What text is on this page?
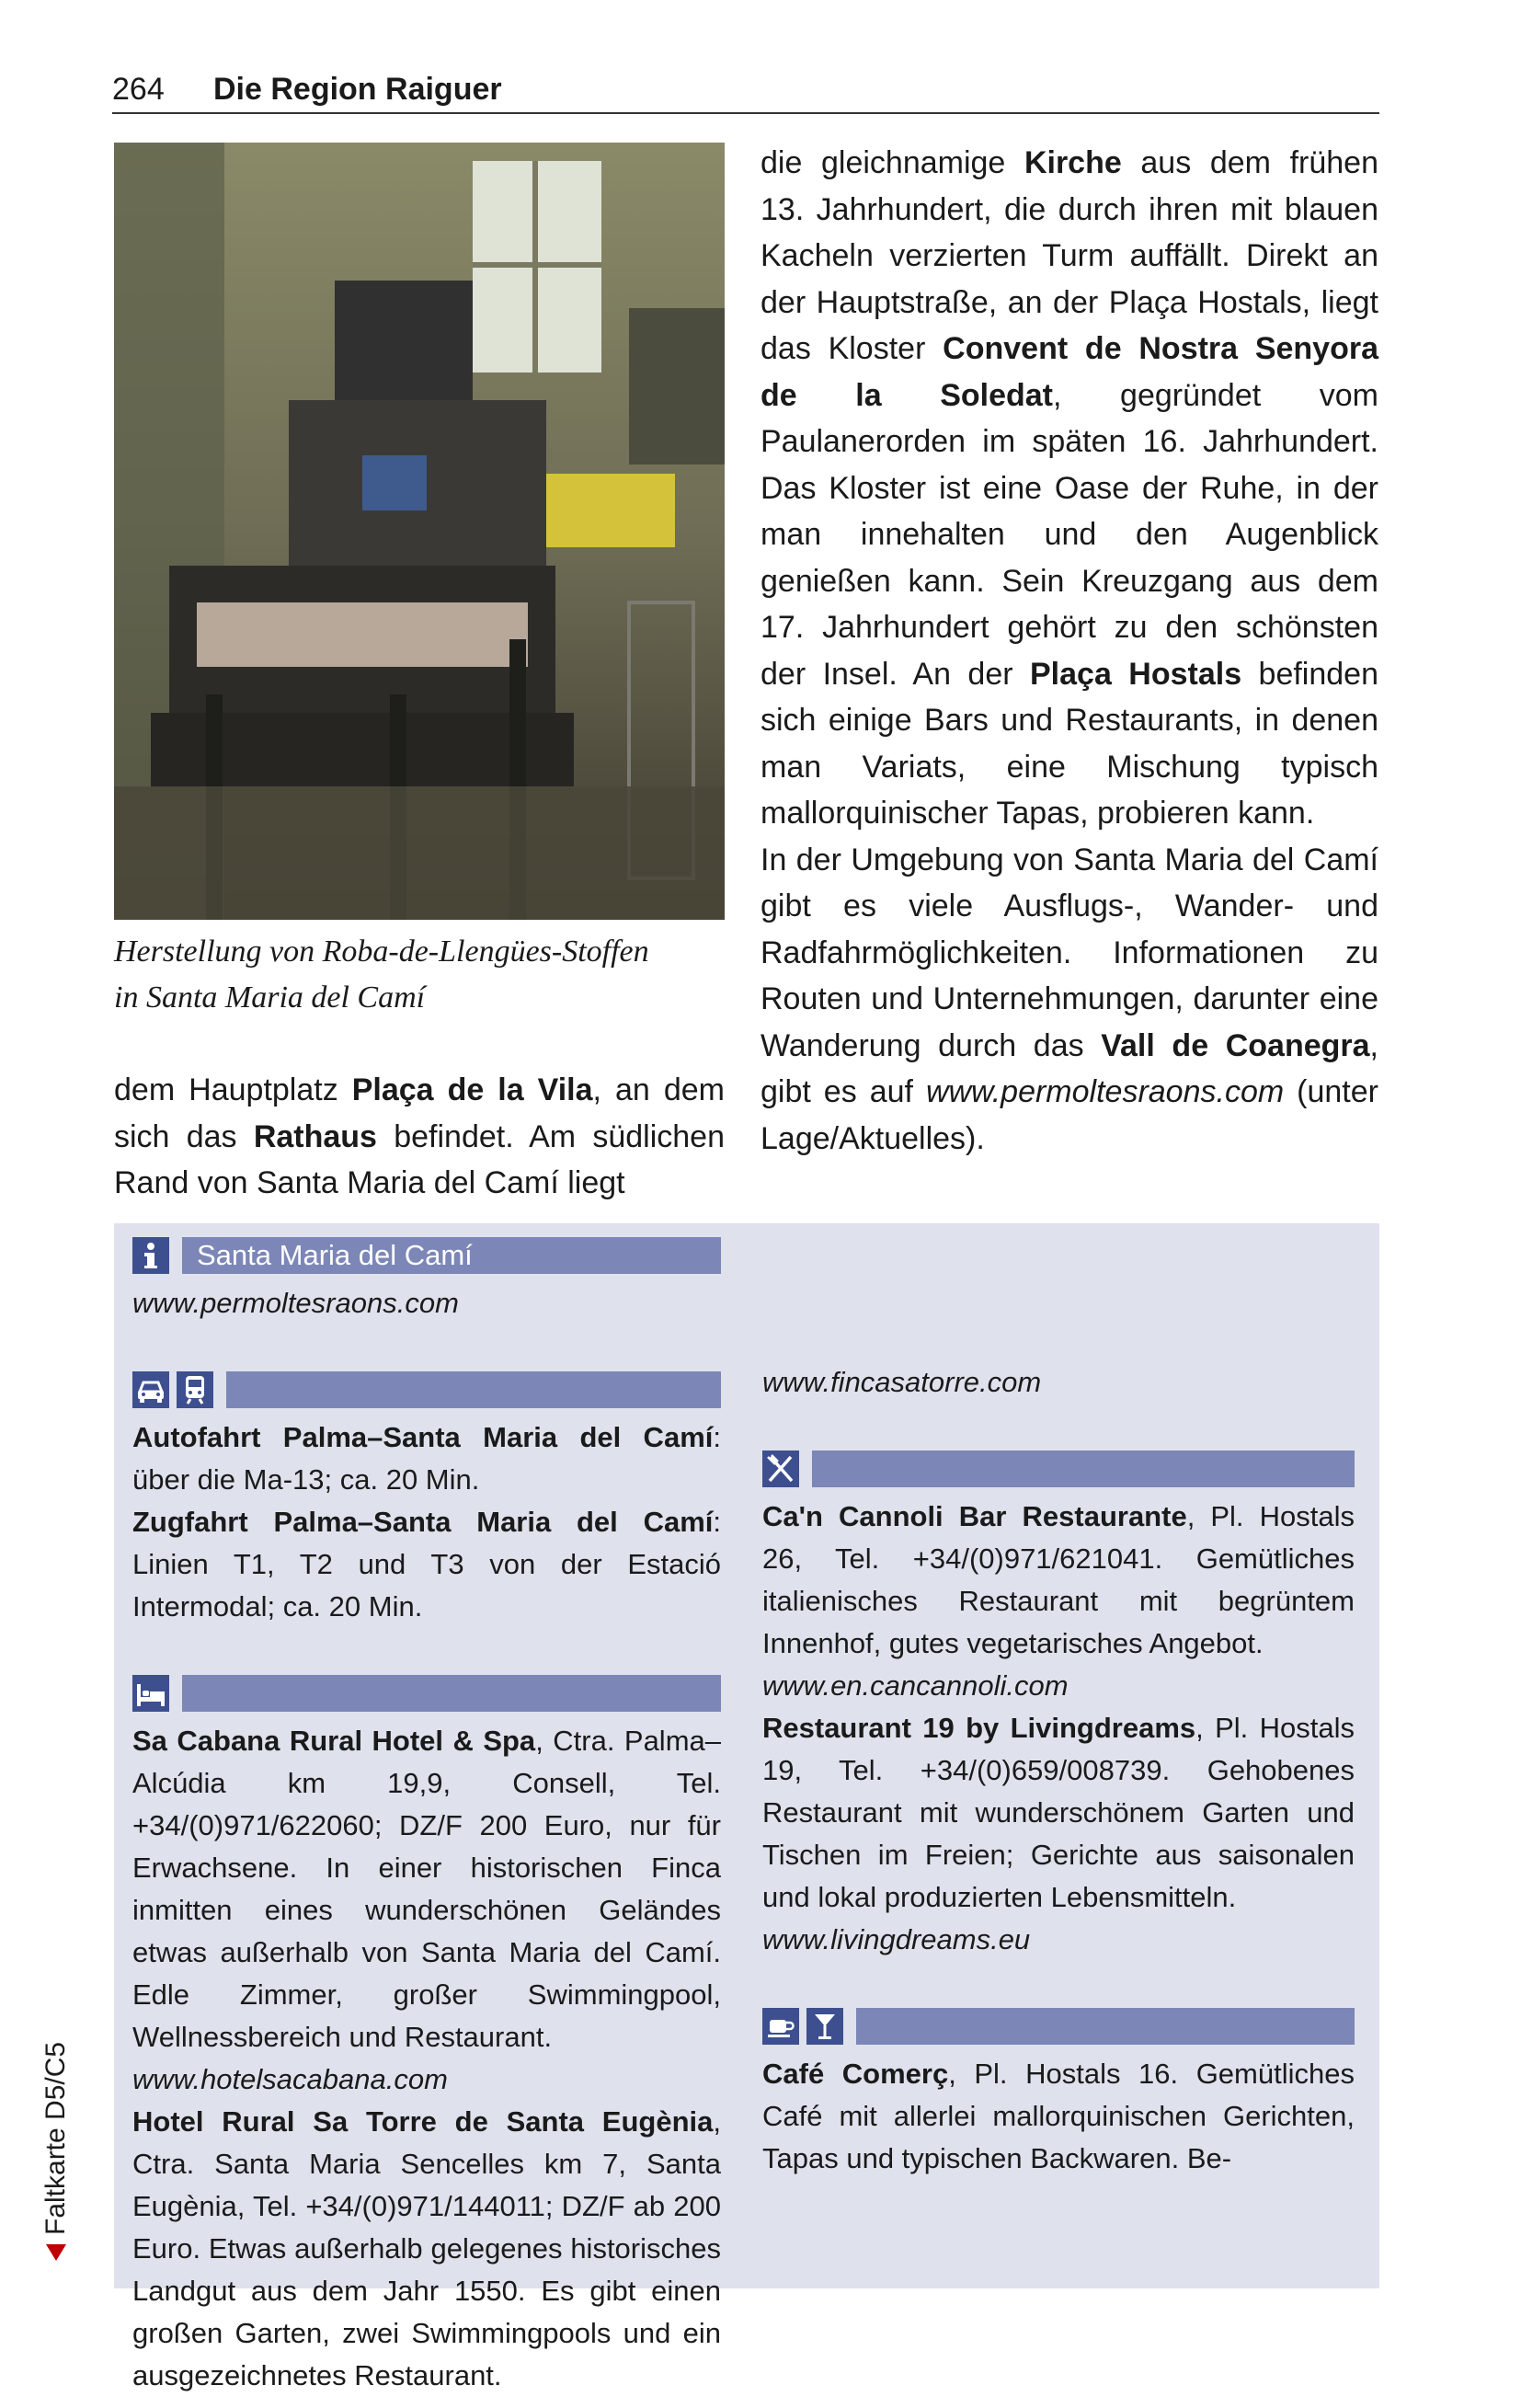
264 Die Region Raiguer
Herstellung von Roba-de-Llengües-Stoffen
in Santa Maria del Camí
dem Hauptplatz Plaça de la Vila, an dem sich das Rathaus befindet. Am südlichen Rand von Santa Maria del Camí liegt
die gleichnamige Kirche aus dem frühen 13. Jahrhundert, die durch ihren mit blauen Kacheln verzierten Turm auffällt. Direkt an der Hauptstraße, an der Plaça Hostals, liegt das Kloster Convent de Nostra Senyora de la Soledat, gegründet vom Paulanerorden im späten 16. Jahrhundert. Das Kloster ist eine Oase der Ruhe, in der man innehalten und den Augenblick genießen kann. Sein Kreuzgang aus dem 17. Jahrhundert gehört zu den schönsten der Insel. An der Plaça Hostals befinden sich einige Bars und Restaurants, in denen man Variats, eine Mischung typisch mallorquinischer Tapas, probieren kann.
In der Umgebung von Santa Maria del Camí gibt es viele Ausflugs-, Wander- und Radfahrmöglichkeiten. Informationen zu Routen und Unternehmungen, darunter eine Wanderung durch das Vall de Coanegra, gibt es auf www.permoltesraons.com (unter Lage/Aktuelles).
Santa Maria del Camí
www.permoltesraons.com
Autofahrt Palma–Santa Maria del Camí: über die Ma-13; ca. 20 Min.
Zugfahrt Palma–Santa Maria del Camí: Linien T1, T2 und T3 von der Estació Intermodal; ca. 20 Min.
Sa Cabana Rural Hotel & Spa, Ctra. Palma–Alcúdia km 19,9, Consell, Tel. +34/(0)971/622060; DZ/F 200 Euro, nur für Erwachsene. In einer historischen Finca inmitten eines wunderschönen Geländes etwas außerhalb von Santa Maria del Camí. Edle Zimmer, großer Swimmingpool, Wellnessbereich und Restaurant.
www.hotelsacabana.com
Hotel Rural Sa Torre de Santa Eugènia, Ctra. Santa Maria Sencelles km 7, Santa Eugènia, Tel. +34/(0)971/144011; DZ/F ab 200 Euro. Etwas außerhalb gelegenes historisches Landgut aus dem Jahr 1550. Es gibt einen großen Garten, zwei Swimmingpools und ein ausgezeichnetes Restaurant.
www.fincasatorre.com
Ca'n Cannoli Bar Restaurante, Pl. Hostals 26, Tel. +34/(0)971/621041. Gemütliches italienisches Restaurant mit begrüntem Innenhof, gutes vegetarisches Angebot.
www.en.cancannoli.com
Restaurant 19 by Livingdreams, Pl. Hostals 19, Tel. +34/(0)659/008739. Gehobenes Restaurant mit wunderschönem Garten und Tischen im Freien; Gerichte aus saisonalen und lokal produzierten Lebensmitteln.
www.livingdreams.eu
Café Comerç, Pl. Hostals 16. Gemütliches Café mit allerlei mallorquinischen Gerichten, Tapas und typischen Backwaren. Be-
Faltkarte D5/C5
